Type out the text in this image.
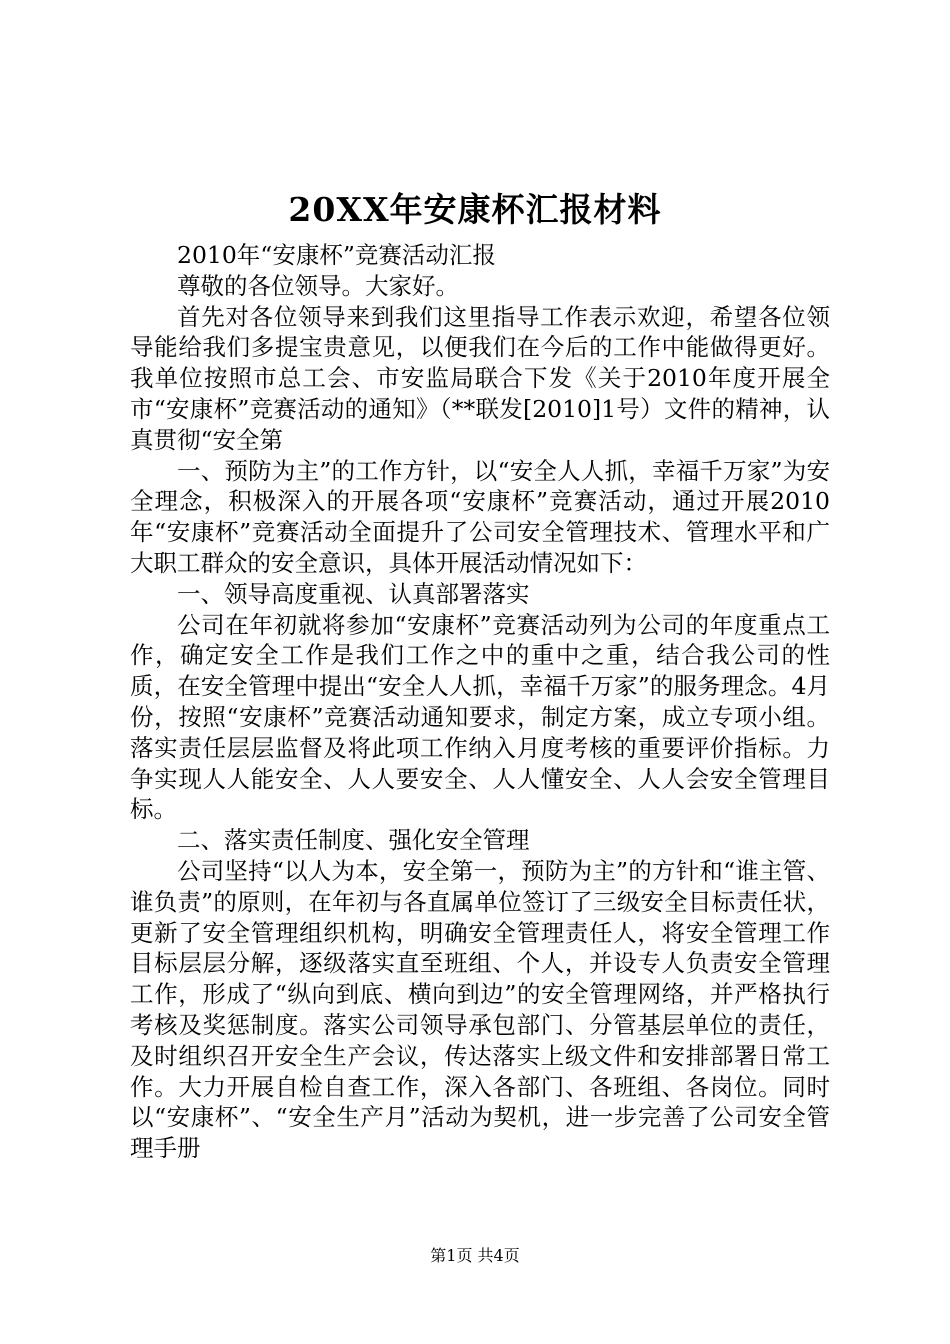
20XX年安康杯汇报材料

2010年“安康杯”竞赛活动汇报

尊敬的各位领导。大家好。

首先对各位领导来到我们这里指导工作表示欢迎，希望各位领导能给我们多提宝贵意见，以便我们在今后的工作中能做得更好。我单位按照市总工会、市安监局联合下发《关于2010年度开展全市“安康杯”竞赛活动的通知》（**联发[2010]1号）文件的精神，认真贯彻“安全第

一、预防为主”的工作方针，以“安全人人抓，幸福千万家”为安全理念，积极深入的开展各项“安康杯”竞赛活动，通过开展2010年“安康杯”竞赛活动全面提升了公司安全管理技术、管理水平和广大职工群众的安全意识，具体开展活动情况如下：

一、领导高度重视、认真部署落实

公司在年初就将参加“安康杯”竞赛活动列为公司的年度重点工作，确定安全工作是我们工作之中的重中之重，结合我公司的性质，在安全管理中提出“安全人人抓，幸福千万家”的服务理念。4月份，按照“安康杯”竞赛活动通知要求，制定方案，成立专项小组。落实责任层层监督及将此项工作纳入月度考核的重要评价指标。力争实现人人能安全、人人要安全、人人懂安全、人人会安全管理目标。

二、落实责任制度、强化安全管理

公司坚持“以人为本，安全第一，预防为主”的方针和“谁主管、谁负责”的原则，在年初与各直属单位签订了三级安全目标责任状，更新了安全管理组织机构，明确安全管理责任人，将安全管理工作目标层层分解，逐级落实直至班组、个人，并设专人负责安全管理工作，形成了“纵向到底、横向到边”的安全管理网络，并严格执行考核及奖惩制度。落实公司领导承包部门、分管基层单位的责任，及时组织召开安全生产会议，传达落实上级文件和安排部署日常工作。大力开展自检自查工作，深入各部门、各班组、各岗位。同时以“安康杯”、“安全生产月”活动为契机，进一步完善了公司安全管理手册

第1页 共4页
